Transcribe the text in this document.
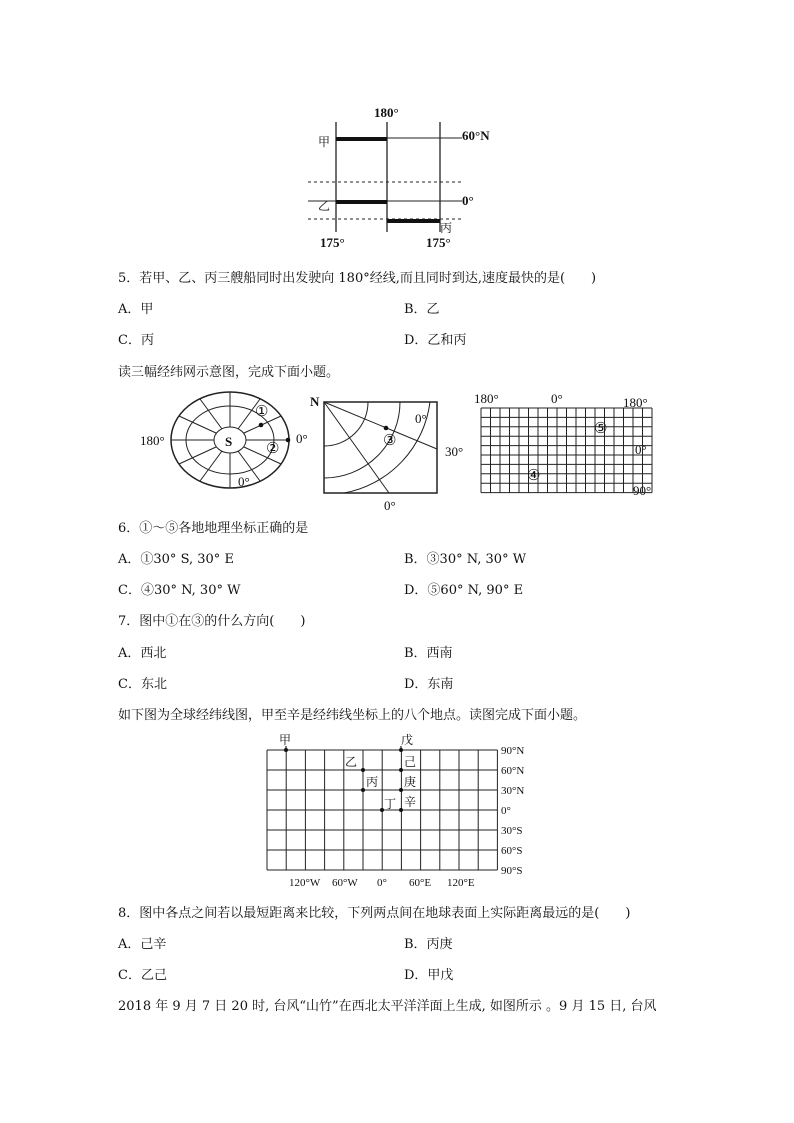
180°
60°N
0°
甲
乙
丙
175°	175°
5．若甲、乙、丙三艘船同时出发驶向 180°经线,而且同时到达,速度最快的是(　　)
A．甲	B．乙
C．丙	D．乙和丙
读三幅经纬网示意图，完成下面小题。
S
180°	0°
0°
①
②
N
0°
0°
30°
③
180°	0°	180°
0°
90°
④
⑤
6．①～⑤各地地理坐标正确的是
A．①30° S, 30° E	B．③30° N, 30° W
C．④30° N, 30° W	D．⑤60° N, 90° E
7．图中①在③的什么方向(　　)
A．西北	B．西南
C．东北	D．东南
如下图为全球经纬线图，甲至辛是经纬线坐标上的八个地点。读图完成下面小题。
甲	戊
乙	己
丙 庚
丁 辛
90°N
60°N
30°N
0°
30°S
60°S
90°S
120°W 60°W 0° 60°E 120°E
8．图中各点之间若以最短距离来比较，下列两点间在地球表面上实际距离最远的是(　　)
A．己辛	B．丙庚
C．乙己	D．甲戊
2018 年 9 月 7 日 20 时, 台风“山竹”在西北太平洋洋面上生成, 如图所示 。9 月 15 日, 台风
